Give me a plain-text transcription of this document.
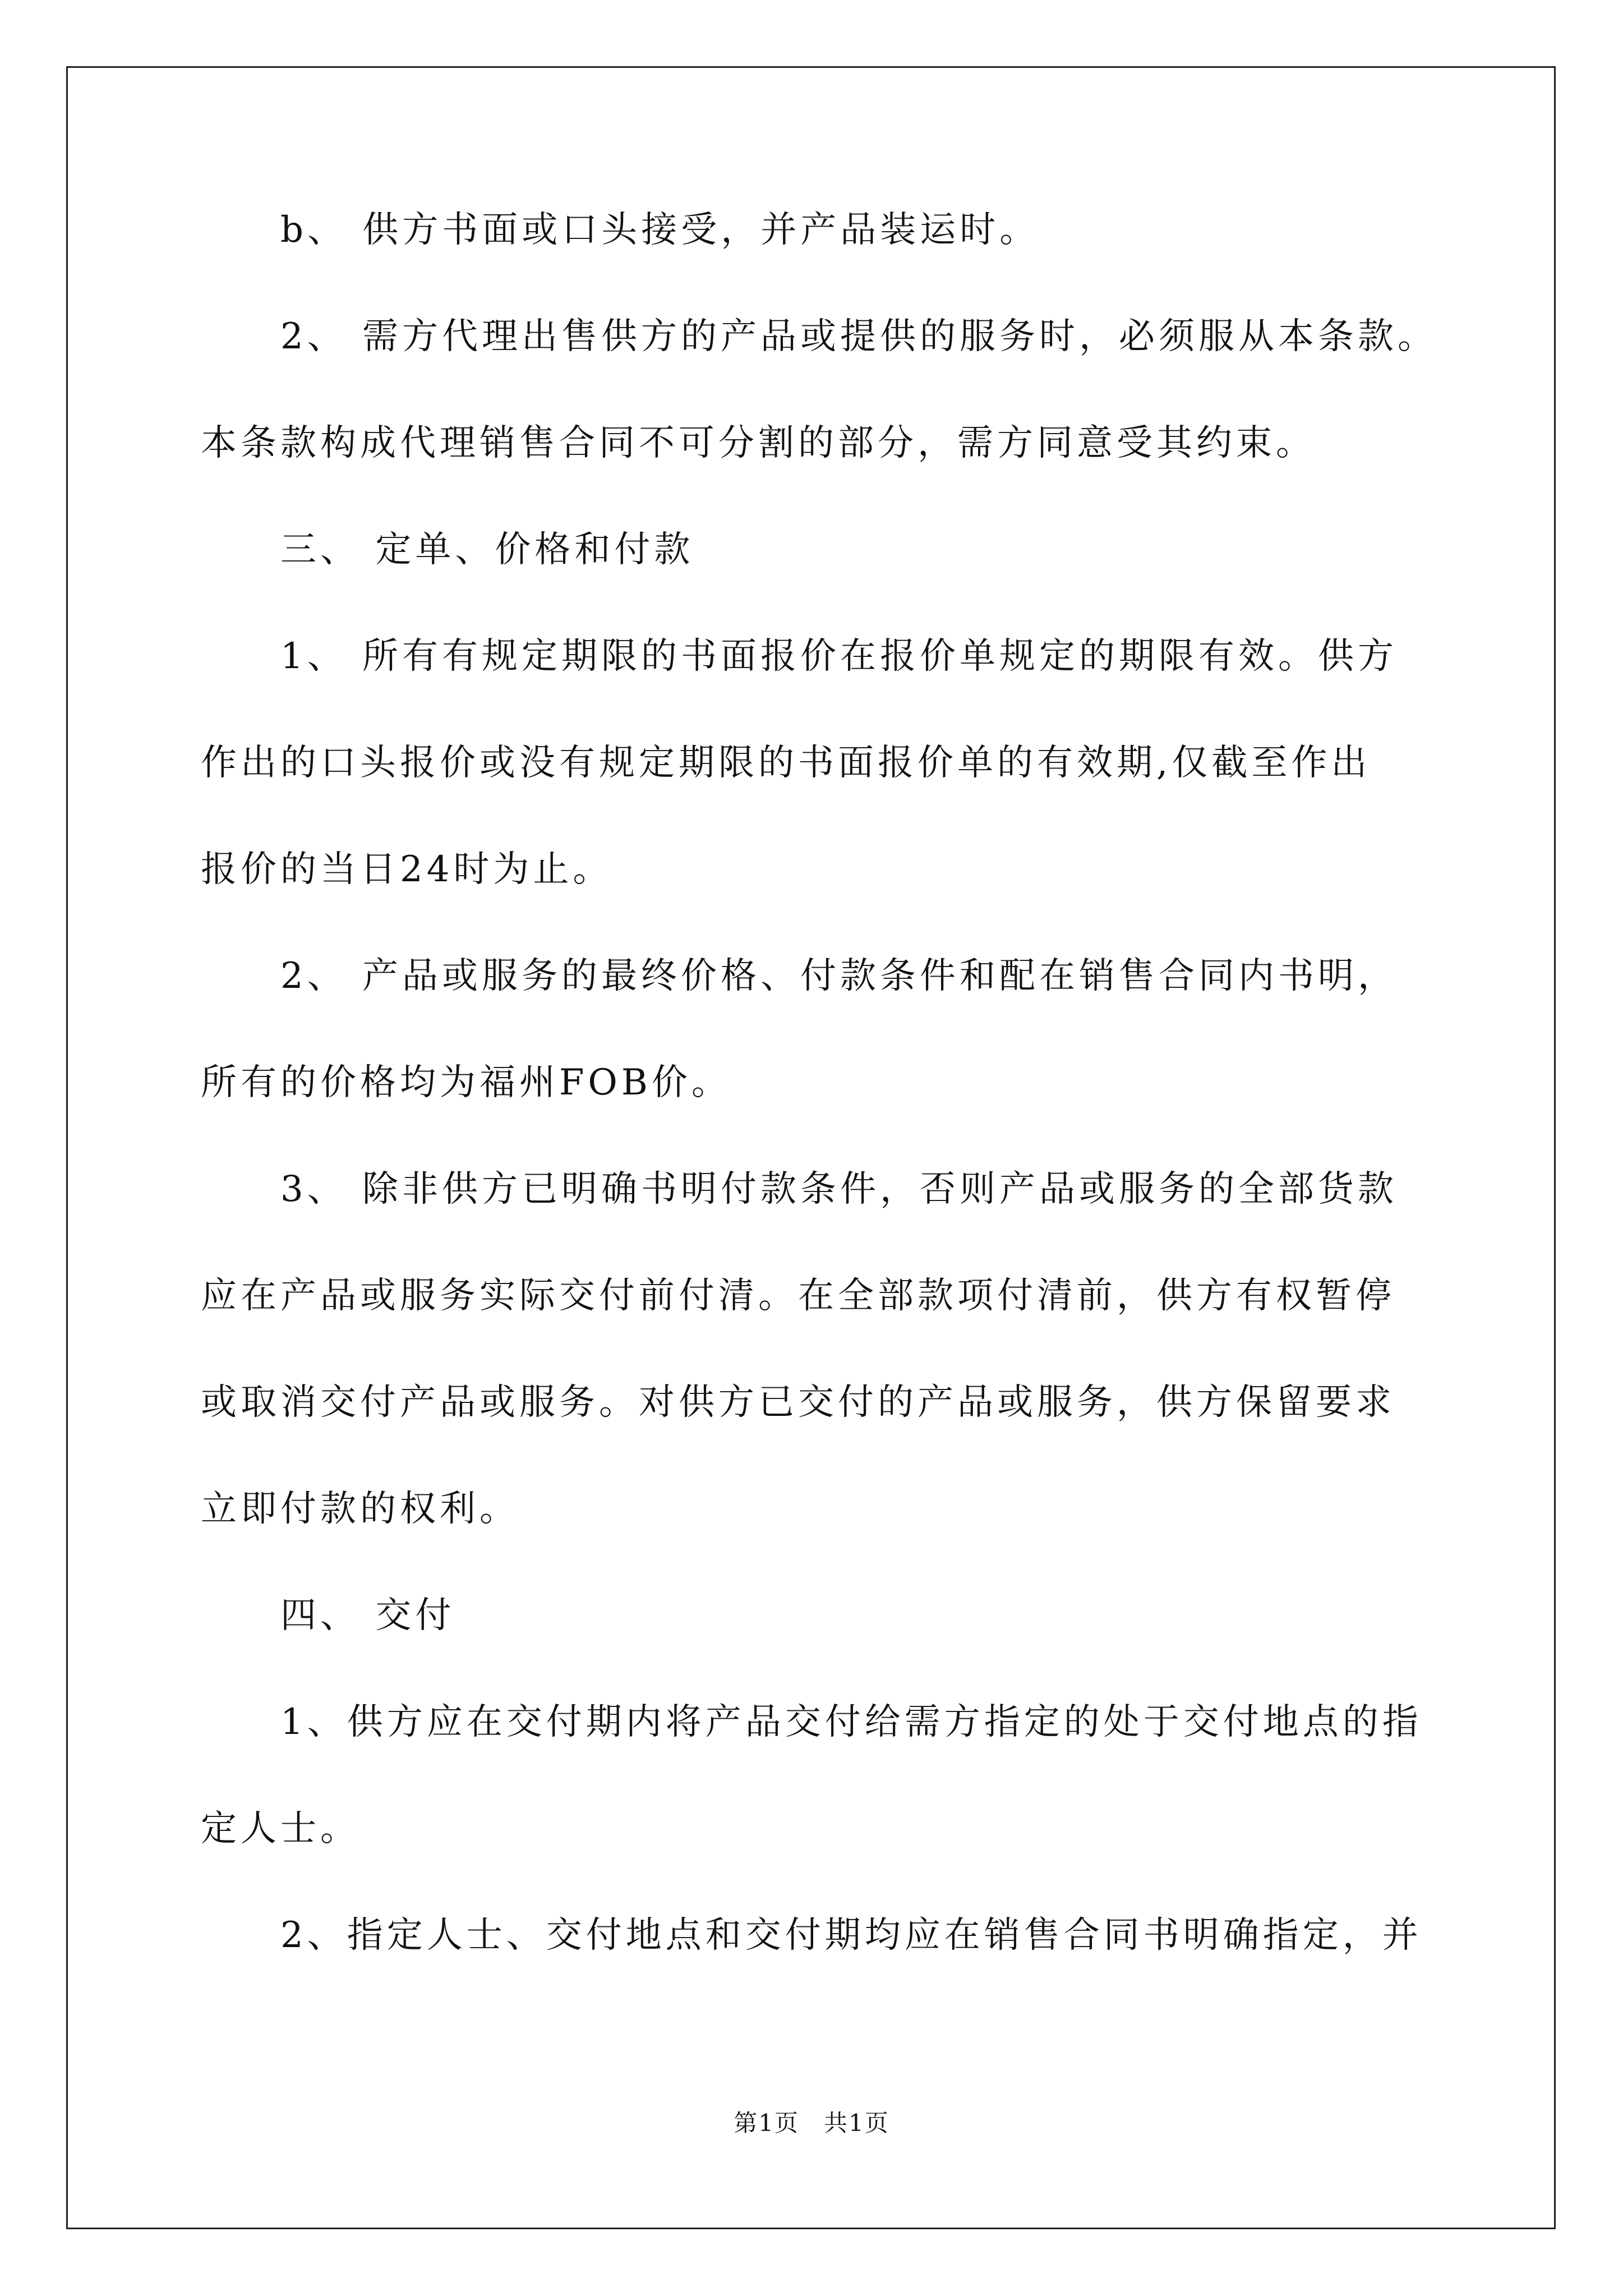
b、 供方书面或口头接受，并产品装运时。
2、 需方代理出售供方的产品或提供的服务时，必须服从本条款。
本条款构成代理销售合同不可分割的部分，需方同意受其约束。
三、 定单、价格和付款
1、 所有有规定期限的书面报价在报价单规定的期限有效。供方
作出的口头报价或没有规定期限的书面报价单的有效期,仅截至作出
报价的当日24时为止。
2、 产品或服务的最终价格、付款条件和配在销售合同内书明，
所有的价格均为福州FOB价。
3、 除非供方已明确书明付款条件，否则产品或服务的全部货款
应在产品或服务实际交付前付清。在全部款项付清前，供方有权暂停
或取消交付产品或服务。对供方已交付的产品或服务，供方保留要求
立即付款的权利。
四、 交付
1、供方应在交付期内将产品交付给需方指定的处于交付地点的指
定人士。
2、指定人士、交付地点和交付期均应在销售合同书明确指定，并
第1页　共1页
